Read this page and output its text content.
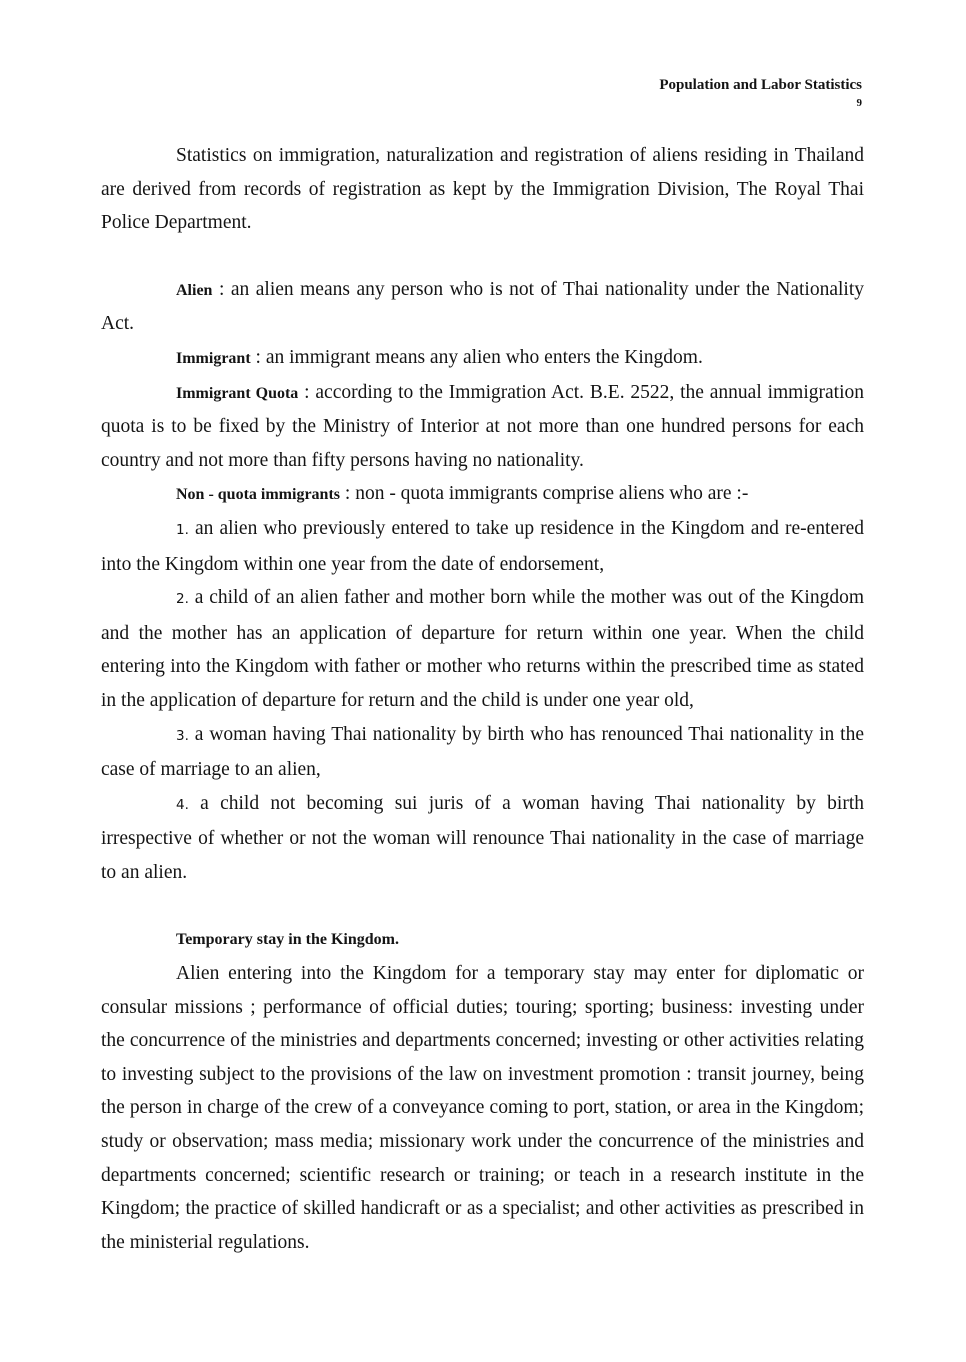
Population and Labor Statistics
9

Statistics on immigration, naturalization and registration of aliens residing in Thailand are derived from records of registration as kept by the Immigration Division, The Royal Thai Police Department.

Alien : an alien means any person who is not of Thai nationality under the Nationality Act.

Immigrant : an immigrant means any alien who enters the Kingdom.

Immigrant Quota : according to the Immigration Act. B.E. 2522, the annual immigration quota is to be fixed by the Ministry of Interior at not more than one hundred persons for each country and not more than fifty persons having no nationality.

Non - quota immigrants : non - quota immigrants comprise aliens who are :-

1. an alien who previously entered to take up residence in the Kingdom and re-entered into the Kingdom within one year from the date of endorsement,

2. a child of an alien father and mother born while the mother was out of the Kingdom and the mother has an application of departure for return within one year. When the child entering into the Kingdom with father or mother who returns within the prescribed time as stated in the application of departure for return and the child is under one year old,

3. a woman having Thai nationality by birth who has renounced Thai nationality in the case of marriage to an alien,

4. a child not becoming sui juris of a woman having Thai nationality by birth irrespective of whether or not the woman will renounce Thai nationality in the case of marriage to an alien.

Temporary stay in the Kingdom.

Alien entering into the Kingdom for a temporary stay may enter for diplomatic or consular missions ; performance of official duties; touring; sporting; business: investing under the concurrence of the ministries and departments concerned; investing or other activities relating to investing subject to the provisions of the law on investment promotion : transit journey, being the person in charge of the crew of a conveyance coming to port, station, or area in the Kingdom; study or observation; mass media; missionary work under the concurrence of the ministries and departments concerned; scientific research or training; or teach in a research institute in the Kingdom; the practice of skilled handicraft or as a specialist; and other activities as prescribed in the ministerial regulations.
